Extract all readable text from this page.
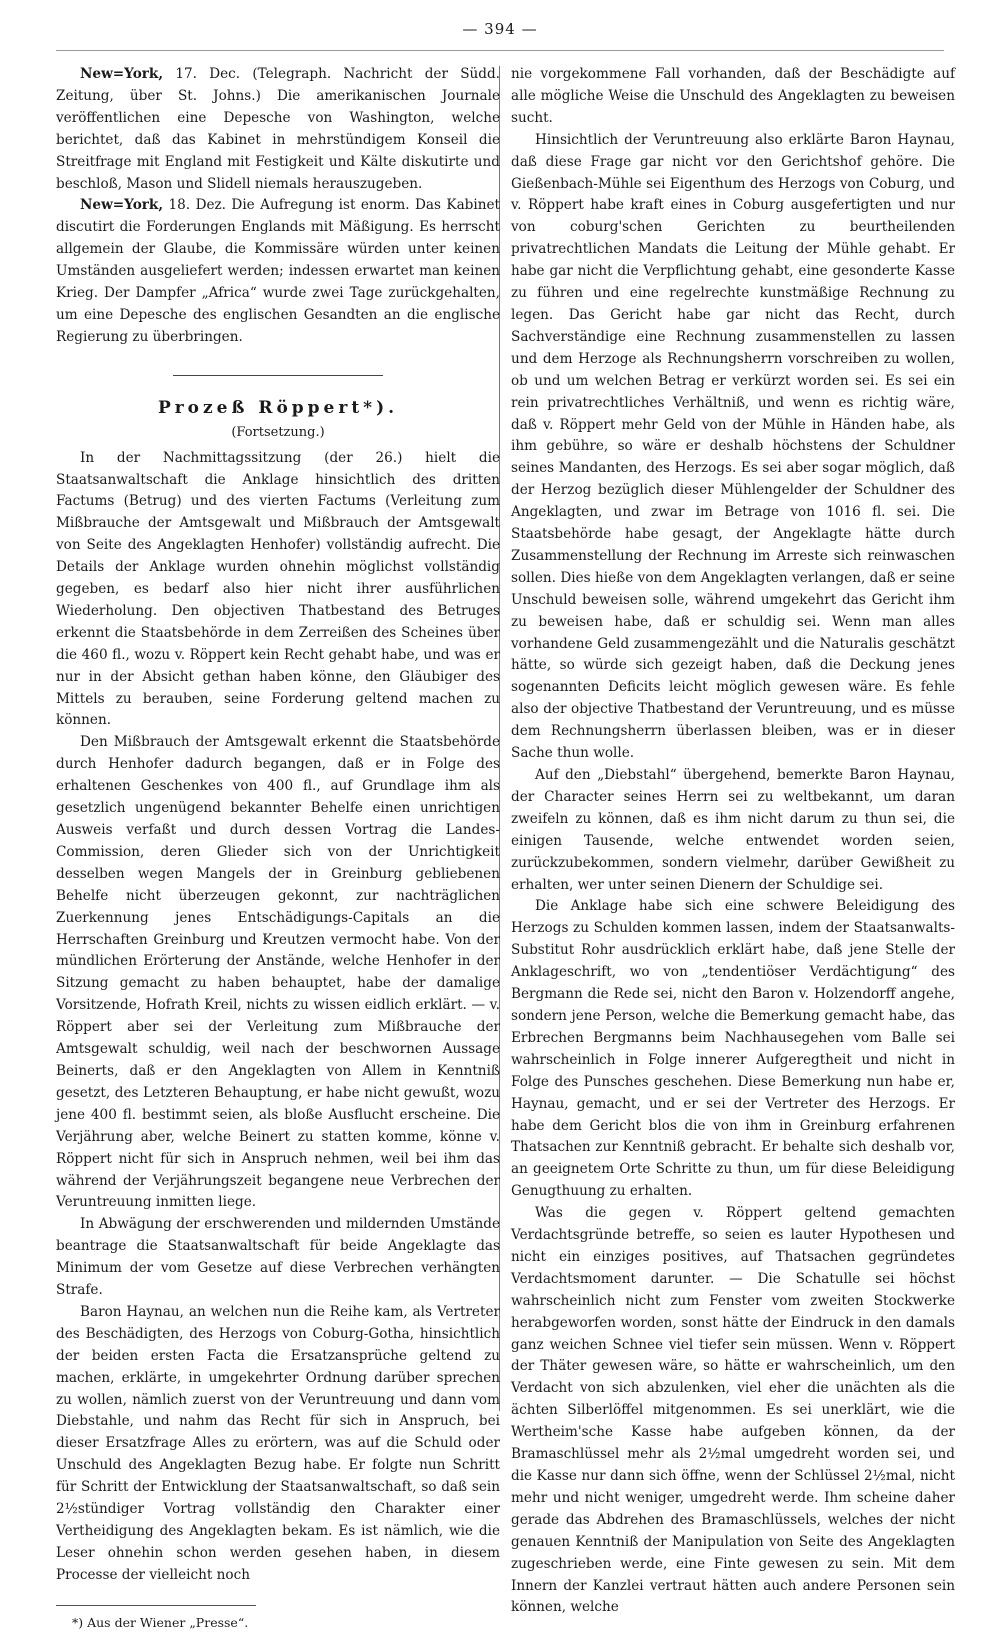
— 394 —

New=York, 17. Dec. (Telegraph. Nachricht der Südd. Zeitung, über St. Johns.) Die amerikanischen Journale veröffentlichen eine Depesche von Washington, welche berichtet, daß das Kabinet in mehrstündigem Konseil die Streitfrage mit England mit Festigkeit und Kälte diskutirte und beschloß, Mason und Slidell niemals herauszugeben.

New=York, 18. Dez. Die Aufregung ist enorm. Das Kabinet discutirt die Forderungen Englands mit Mäßigung. Es herrscht allgemein der Glaube, die Kommissäre würden unter keinen Umständen ausgeliefert werden; indessen erwartet man keinen Krieg. Der Dampfer „Africa“ wurde zwei Tage zurückgehalten, um eine Depesche des englischen Gesandten an die englische Regierung zu überbringen.

Prozeß Röppert*).

(Fortsetzung.)

In der Nachmittagssitzung (der 26.) hielt die Staatsanwaltschaft die Anklage hinsichtlich des dritten Factums (Betrug) und des vierten Factums (Verleitung zum Mißbrauche der Amtsgewalt und Mißbrauch der Amtsgewalt von Seite des Angeklagten Henhofer) vollständig aufrecht. Die Details der Anklage wurden ohnehin möglichst vollständig gegeben, es bedarf also hier nicht ihrer ausführlichen Wiederholung. Den objectiven Thatbestand des Betruges erkennt die Staatsbehörde in dem Zerreißen des Scheines über die 460 fl., wozu v. Röppert kein Recht gehabt habe, und was er nur in der Absicht gethan haben könne, den Gläubiger des Mittels zu berauben, seine Forderung geltend machen zu können.

Den Mißbrauch der Amtsgewalt erkennt die Staatsbehörde durch Henhofer dadurch begangen, daß er in Folge des erhaltenen Geschenkes von 400 fl., auf Grundlage ihm als gesetzlich ungenügend bekannter Behelfe einen unrichtigen Ausweis verfaßt und durch dessen Vortrag die Landes-Commission, deren Glieder sich von der Unrichtigkeit desselben wegen Mangels der in Greinburg gebliebenen Behelfe nicht überzeugen gekonnt, zur nachträglichen Zuerkennung jenes Entschädigungs-Capitals an die Herrschaften Greinburg und Kreutzen vermocht habe. Von der mündlichen Erörterung der Anstände, welche Henhofer in der Sitzung gemacht zu haben behauptet, habe der damalige Vorsitzende, Hofrath Kreil, nichts zu wissen eidlich erklärt. — v. Röppert aber sei der Verleitung zum Mißbrauche der Amtsgewalt schuldig, weil nach der beschwornen Aussage Beinerts, daß er den Angeklagten von Allem in Kenntniß gesetzt, des Letzteren Behauptung, er habe nicht gewußt, wozu jene 400 fl. bestimmt seien, als bloße Ausflucht erscheine. Die Verjährung aber, welche Beinert zu statten komme, könne v. Röppert nicht für sich in Anspruch nehmen, weil bei ihm das während der Verjährungszeit begangene neue Verbrechen der Veruntreuung inmitten liege.

In Abwägung der erschwerenden und mildernden Umstände beantrage die Staatsanwaltschaft für beide Angeklagte das Minimum der vom Gesetze auf diese Verbrechen verhängten Strafe.

Baron Haynau, an welchen nun die Reihe kam, als Vertreter des Beschädigten, des Herzogs von Coburg-Gotha, hinsichtlich der beiden ersten Facta die Ersatzansprüche geltend zu machen, erklärte, in umgekehrter Ordnung darüber sprechen zu wollen, nämlich zuerst von der Veruntreuung und dann vom Diebstahle, und nahm das Recht für sich in Anspruch, bei dieser Ersatzfrage Alles zu erörtern, was auf die Schuld oder Unschuld des Angeklagten Bezug habe. Er folgte nun Schritt für Schritt der Entwicklung der Staatsanwaltschaft, so daß sein 2½stündiger Vortrag vollständig den Charakter einer Vertheidigung des Angeklagten bekam. Es ist nämlich, wie die Leser ohnehin schon werden gesehen haben, in diesem Processe der vielleicht noch

*) Aus der Wiener „Presse“.

nie vorgekommene Fall vorhanden, daß der Beschädigte auf alle mögliche Weise die Unschuld des Angeklagten zu beweisen sucht.

Hinsichtlich der Veruntreuung also erklärte Baron Haynau, daß diese Frage gar nicht vor den Gerichtshof gehöre. Die Gießenbach-Mühle sei Eigenthum des Herzogs von Coburg, und v. Röppert habe kraft eines in Coburg ausgefertigten und nur von coburg'schen Gerichten zu beurtheilenden privatrechtlichen Mandats die Leitung der Mühle gehabt. Er habe gar nicht die Verpflichtung gehabt, eine gesonderte Kasse zu führen und eine regelrechte kunstmäßige Rechnung zu legen. Das Gericht habe gar nicht das Recht, durch Sachverständige eine Rechnung zusammenstellen zu lassen und dem Herzoge als Rechnungsherrn vorschreiben zu wollen, ob und um welchen Betrag er verkürzt worden sei. Es sei ein rein privatrechtliches Verhältniß, und wenn es richtig wäre, daß v. Röppert mehr Geld von der Mühle in Händen habe, als ihm gebühre, so wäre er deshalb höchstens der Schuldner seines Mandanten, des Herzogs. Es sei aber sogar möglich, daß der Herzog bezüglich dieser Mühlengelder der Schuldner des Angeklagten, und zwar im Betrage von 1016 fl. sei. Die Staatsbehörde habe gesagt, der Angeklagte hätte durch Zusammenstellung der Rechnung im Arreste sich reinwaschen sollen. Dies hieße von dem Angeklagten verlangen, daß er seine Unschuld beweisen solle, während umgekehrt das Gericht ihm zu beweisen habe, daß er schuldig sei. Wenn man alles vorhandene Geld zusammengezählt und die Naturalis geschätzt hätte, so würde sich gezeigt haben, daß die Deckung jenes sogenannten Deficits leicht möglich gewesen wäre. Es fehle also der objective Thatbestand der Veruntreuung, und es müsse dem Rechnungsherrn überlassen bleiben, was er in dieser Sache thun wolle.

Auf den „Diebstahl“ übergehend, bemerkte Baron Haynau, der Character seines Herrn sei zu weltbekannt, um daran zweifeln zu können, daß es ihm nicht darum zu thun sei, die einigen Tausende, welche entwendet worden seien, zurückzubekommen, sondern vielmehr, darüber Gewißheit zu erhalten, wer unter seinen Dienern der Schuldige sei.

Die Anklage habe sich eine schwere Beleidigung des Herzogs zu Schulden kommen lassen, indem der Staatsanwalts-Substitut Rohr ausdrücklich erklärt habe, daß jene Stelle der Anklageschrift, wo von „tendentiöser Verdächtigung“ des Bergmann die Rede sei, nicht den Baron v. Holzendorff angehe, sondern jene Person, welche die Bemerkung gemacht habe, das Erbrechen Bergmanns beim Nachhausegehen vom Balle sei wahrscheinlich in Folge innerer Aufgeregtheit und nicht in Folge des Punsches geschehen. Diese Bemerkung nun habe er, Haynau, gemacht, und er sei der Vertreter des Herzogs. Er habe dem Gericht blos die von ihm in Greinburg erfahrenen Thatsachen zur Kenntniß gebracht. Er behalte sich deshalb vor, an geeignetem Orte Schritte zu thun, um für diese Beleidigung Genugthuung zu erhalten.

Was die gegen v. Röppert geltend gemachten Verdachtsgründe betreffe, so seien es lauter Hypothesen und nicht ein einziges positives, auf Thatsachen gegründetes Verdachtsmoment darunter. — Die Schatulle sei höchst wahrscheinlich nicht zum Fenster vom zweiten Stockwerke herabgeworfen worden, sonst hätte der Eindruck in den damals ganz weichen Schnee viel tiefer sein müssen. Wenn v. Röppert der Thäter gewesen wäre, so hätte er wahrscheinlich, um den Verdacht von sich abzulenken, viel eher die unächten als die ächten Silberlöffel mitgenommen. Es sei unerklärt, wie die Wertheim'sche Kasse habe aufgeben können, da der Bramaschlüssel mehr als 2½mal umgedreht worden sei, und die Kasse nur dann sich öffne, wenn der Schlüssel 2½mal, nicht mehr und nicht weniger, umgedreht werde. Ihm scheine daher gerade das Abdrehen des Bramaschlüssels, welches der nicht genauen Kenntniß der Manipulation von Seite des Angeklagten zugeschrieben werde, eine Finte gewesen zu sein. Mit dem Innern der Kanzlei vertraut hätten auch andere Personen sein können, welche
